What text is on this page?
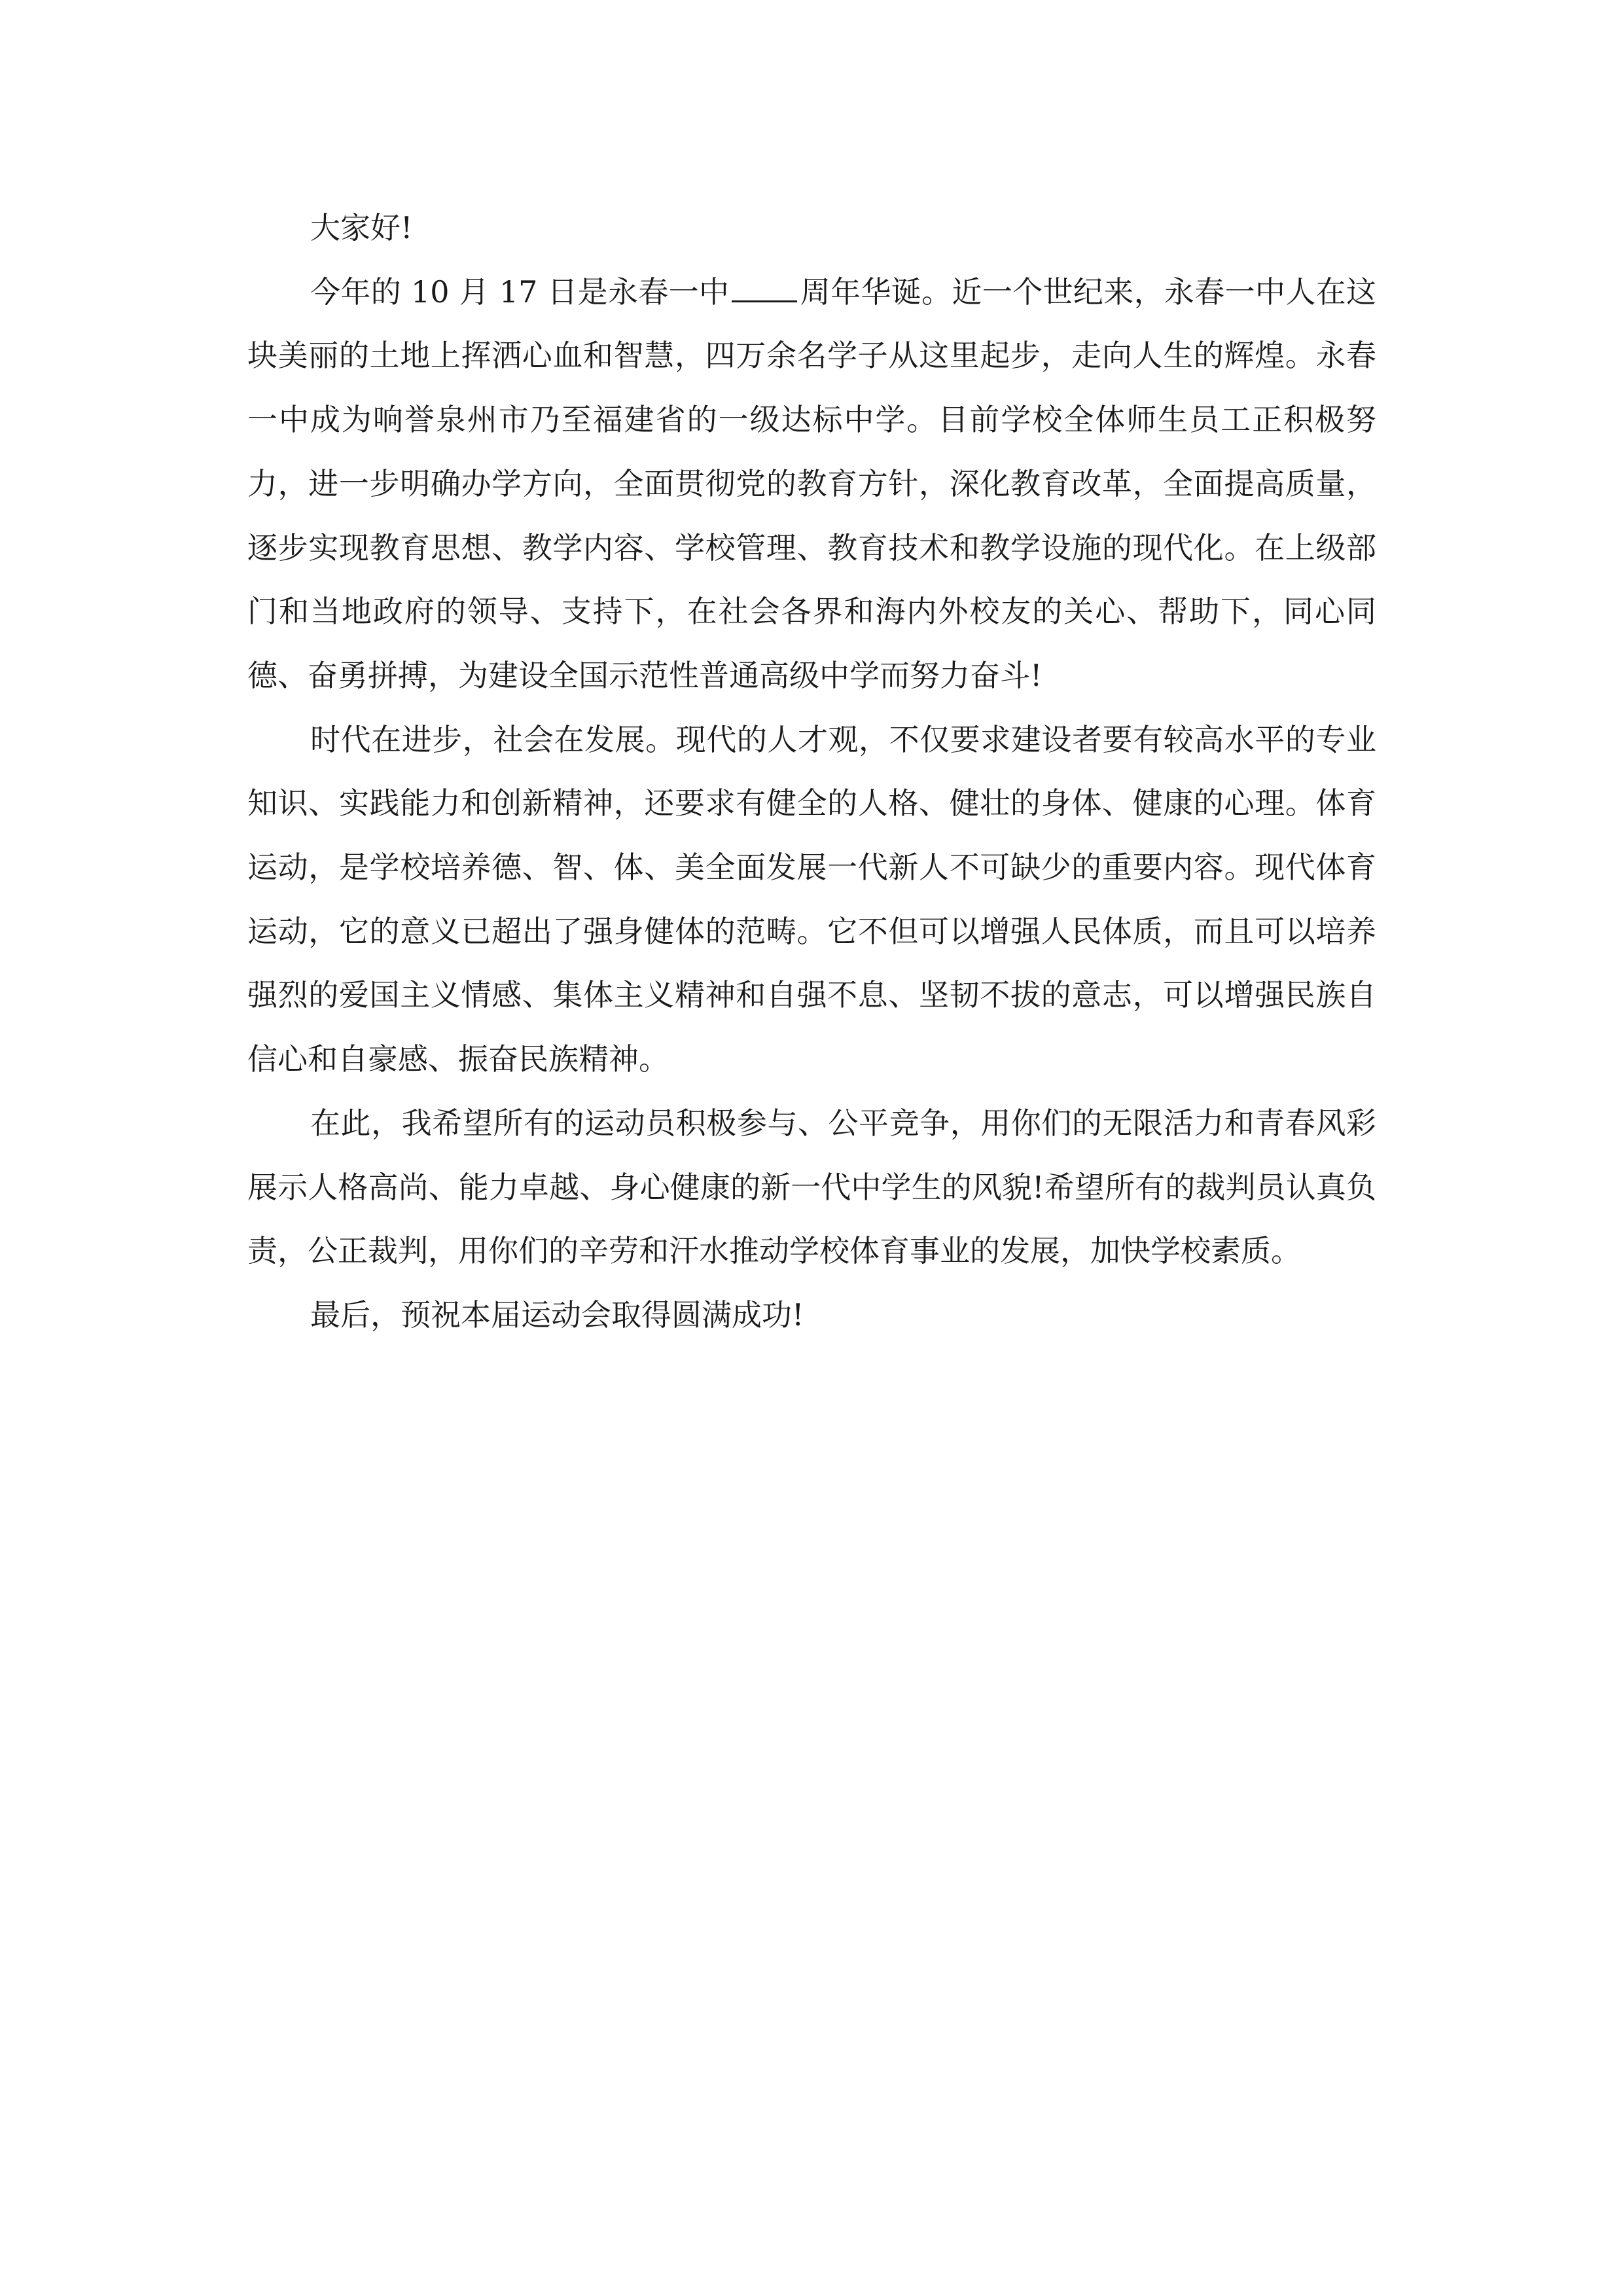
大家好!

今年的 10 月 17 日是永春一中 周年华诞。近一个世纪来，永春一中人在这块美丽的土地上挥洒心血和智慧，四万余名学子从这里起步，走向人生的辉煌。永春一中成为响誉泉州市乃至福建省的一级达标中学。目前学校全体师生员工正积极努力，进一步明确办学方向，全面贯彻党的教育方针，深化教育改革，全面提高质量，逐步实现教育思想、教学内容、学校管理、教育技术和教学设施的现代化。在上级部门和当地政府的领导、支持下，在社会各界和海内外校友的关心、帮助下，同心同德、奋勇拼搏，为建设全国示范性普通高级中学而努力奋斗!

时代在进步，社会在发展。现代的人才观，不仅要求建设者要有较高水平的专业知识、实践能力和创新精神，还要求有健全的人格、健壮的身体、健康的心理。体育运动，是学校培养德、智、体、美全面发展一代新人不可缺少的重要内容。现代体育运动，它的意义已超出了强身健体的范畴。它不但可以增强人民体质，而且可以培养强烈的爱国主义情感、集体主义精神和自强不息、坚韧不拔的意志，可以增强民族自信心和自豪感、振奋民族精神。

在此，我希望所有的运动员积极参与、公平竞争，用你们的无限活力和青春风彩展示人格高尚、能力卓越、身心健康的新一代中学生的风貌!希望所有的裁判员认真负责，公正裁判，用你们的辛劳和汗水推动学校体育事业的发展，加快学校素质。

最后，预祝本届运动会取得圆满成功!
